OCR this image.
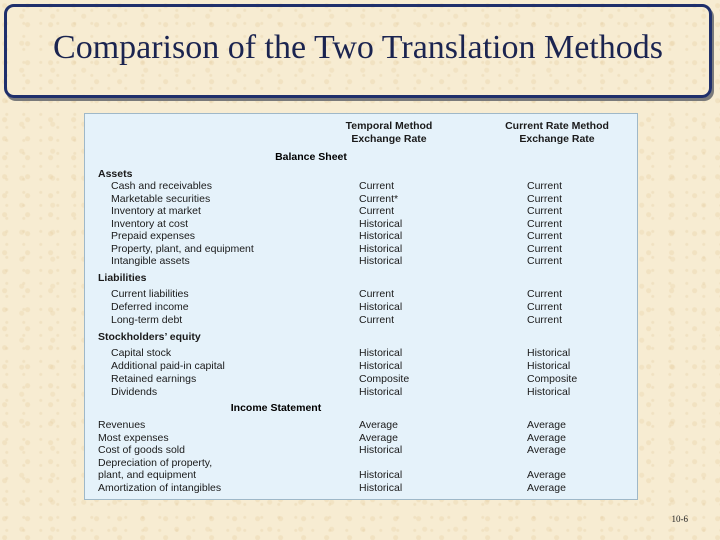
Comparison of the Two Translation Methods
Temporal Method
Exchange Rate
Current Rate Method
Exchange Rate
Balance Sheet
Assets
Cash and receivables	Current	Current
Marketable securities	Current*	Current
Inventory at market	Current	Current
Inventory at cost	Historical	Current
Prepaid expenses	Historical	Current
Property, plant, and equipment	Historical	Current
Intangible assets	Historical	Current
Liabilities
Current liabilities	Current	Current
Deferred income	Historical	Current
Long-term debt	Current	Current
Stockholders’ equity
Capital stock	Historical	Historical
Additional paid-in capital	Historical	Historical
Retained earnings	Composite	Composite
Dividends	Historical	Historical
Income Statement
Revenues	Average	Average
Most expenses	Average	Average
Cost of goods sold	Historical	Average
Depreciation of property,
plant, and equipment	Historical	Average
Amortization of intangibles	Historical	Average
10-6
